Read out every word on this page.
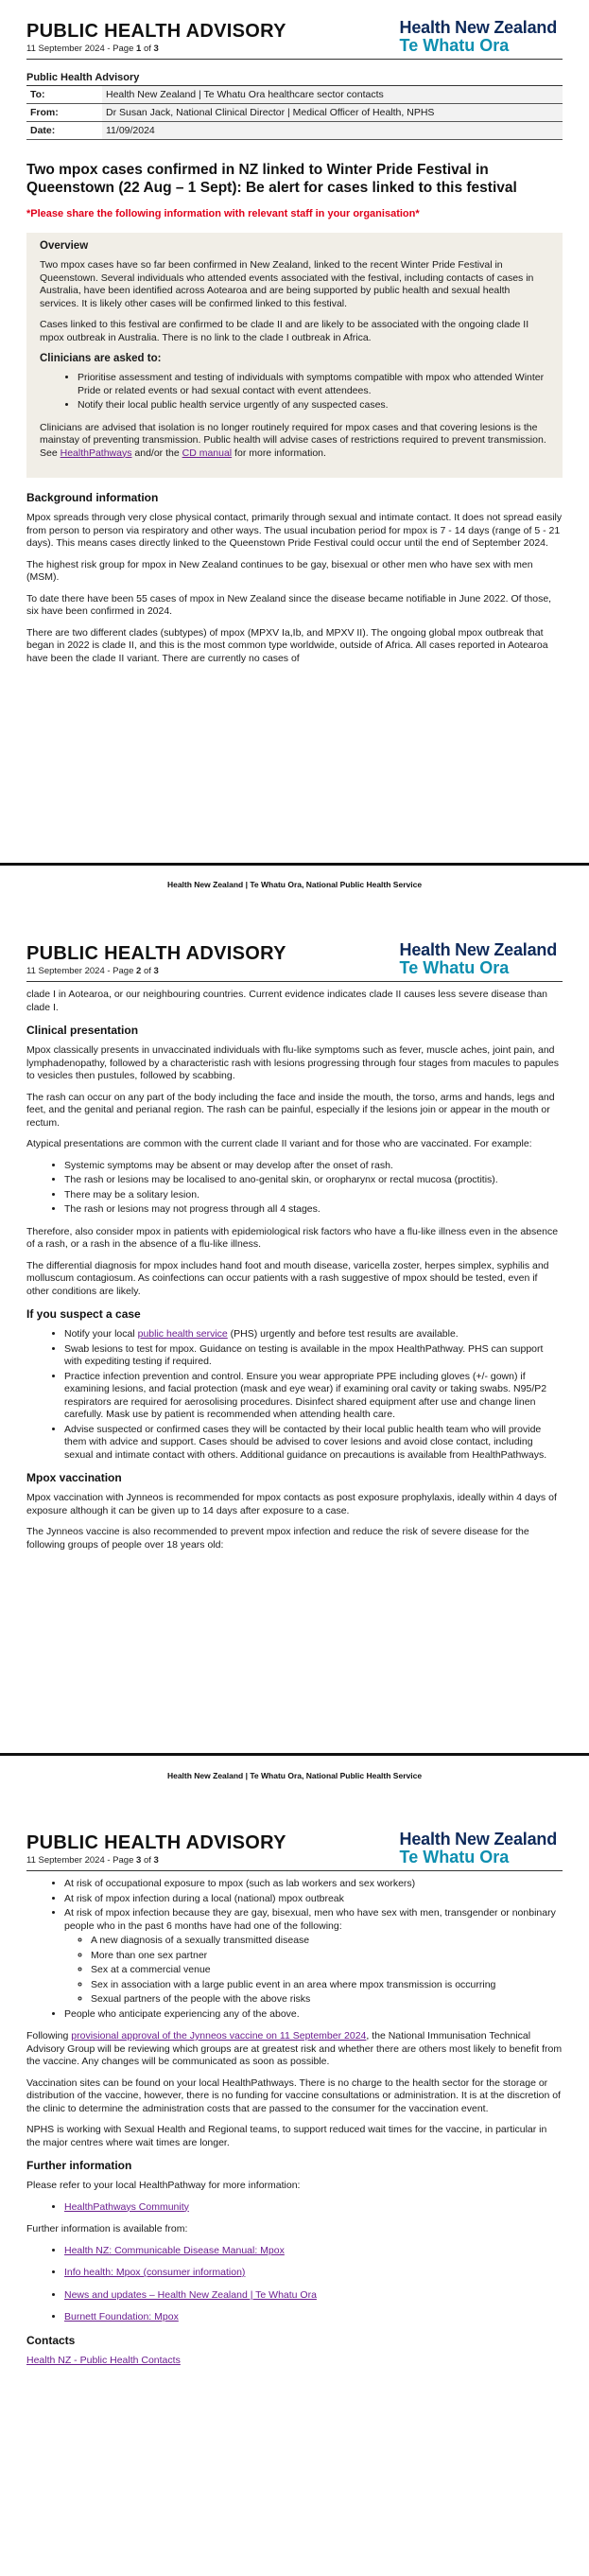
PUBLIC HEALTH ADVISORY
11 September 2024 - Page 1 of 3
Health New Zealand
Te Whatu Ora
Public Health Advisory
To:	Health New Zealand | Te Whatu Ora healthcare sector contacts
From:	Dr Susan Jack, National Clinical Director | Medical Officer of Health, NPHS
Date:	11/09/2024
Two mpox cases confirmed in NZ linked to Winter Pride Festival in Queenstown (22 Aug – 1 Sept): Be alert for cases linked to this festival
*Please share the following information with relevant staff in your organisation*
Overview

Two mpox cases have so far been confirmed in New Zealand, linked to the recent Winter Pride Festival in Queenstown. Several individuals who attended events associated with the festival, including contacts of cases in Australia, have been identified across Aotearoa and are being supported by public health and sexual health services. It is likely other cases will be confirmed linked to this festival.

Cases linked to this festival are confirmed to be clade II and are likely to be associated with the ongoing clade II mpox outbreak in Australia. There is no link to the clade I outbreak in Africa.

Clinicians are asked to:
• Prioritise assessment and testing of individuals with symptoms compatible with mpox who attended Winter Pride or related events or had sexual contact with event attendees.
• Notify their local public health service urgently of any suspected cases.

Clinicians are advised that isolation is no longer routinely required for mpox cases and that covering lesions is the mainstay of preventing transmission. Public health will advise cases of restrictions required to prevent transmission. See HealthPathways and/or the CD manual for more information.

Background information

Mpox spreads through very close physical contact, primarily through sexual and intimate contact. It does not spread easily from person to person via respiratory and other ways. The usual incubation period for mpox is 7 - 14 days (range of 5 - 21 days). This means cases directly linked to the Queenstown Pride Festival could occur until the end of September 2024.

The highest risk group for mpox in New Zealand continues to be gay, bisexual or other men who have sex with men (MSM).

To date there have been 55 cases of mpox in New Zealand since the disease became notifiable in June 2022. Of those, six have been confirmed in 2024.

There are two different clades (subtypes) of mpox (MPXV Ia,Ib, and MPXV II). The ongoing global mpox outbreak that began in 2022 is clade II, and this is the most common type worldwide, outside of Africa. All cases reported in Aotearoa have been the clade II variant. There are currently no cases of

Health New Zealand | Te Whatu Ora, National Public Health Service
PUBLIC HEALTH ADVISORY
11 September 2024 - Page 2 of 3
Health New Zealand
Te Whatu Ora

clade I in Aotearoa, or our neighbouring countries. Current evidence indicates clade II causes less severe disease than clade I.

Clinical presentation

Mpox classically presents in unvaccinated individuals with flu-like symptoms such as fever, muscle aches, joint pain, and lymphadenopathy, followed by a characteristic rash with lesions progressing through four stages from macules to papules to vesicles then pustules, followed by scabbing.

The rash can occur on any part of the body including the face and inside the mouth, the torso, arms and hands, legs and feet, and the genital and perianal region. The rash can be painful, especially if the lesions join or appear in the mouth or rectum.

Atypical presentations are common with the current clade II variant and for those who are vaccinated. For example:

• Systemic symptoms may be absent or may develop after the onset of rash.
• The rash or lesions may be localised to ano-genital skin, or oropharynx or rectal mucosa (proctitis).
• There may be a solitary lesion.
• The rash or lesions may not progress through all 4 stages.

Therefore, also consider mpox in patients with epidemiological risk factors who have a flu-like illness even in the absence of a rash, or a rash in the absence of a flu-like illness.

The differential diagnosis for mpox includes hand foot and mouth disease, varicella zoster, herpes simplex, syphilis and molluscum contagiosum. As coinfections can occur patients with a rash suggestive of mpox should be tested, even if other conditions are likely.

If you suspect a case
• Notify your local public health service (PHS) urgently and before test results are available.
• Swab lesions to test for mpox. Guidance on testing is available in the mpox HealthPathway. PHS can support with expediting testing if required.
• Practice infection prevention and control. Ensure you wear appropriate PPE including gloves (+/- gown) if examining lesions, and facial protection (mask and eye wear) if examining oral cavity or taking swabs. N95/P2 respirators are required for aerosolising procedures. Disinfect shared equipment after use and change linen carefully. Mask use by patient is recommended when attending health care.
• Advise suspected or confirmed cases they will be contacted by their local public health team who will provide them with advice and support. Cases should be advised to cover lesions and avoid close contact, including sexual and intimate contact with others. Additional guidance on precautions is available from HealthPathways.
Mpox vaccination

Mpox vaccination with Jynneos is recommended for mpox contacts as post exposure prophylaxis, ideally within 4 days of exposure although it can be given up to 14 days after exposure to a case.

The Jynneos vaccine is also recommended to prevent mpox infection and reduce the risk of severe disease for the following groups of people over 18 years old:

Health New Zealand | Te Whatu Ora, National Public Health Service
PUBLIC HEALTH ADVISORY
11 September 2024 - Page 3 of 3
Health New Zealand
Te Whatu Ora
• At risk of occupational exposure to mpox (such as lab workers and sex workers)
• At risk of mpox infection during a local (national) mpox outbreak
• At risk of mpox infection because they are gay, bisexual, men who have sex with men, transgender or nonbinary people who in the past 6 months have had one of the following:
◦ A new diagnosis of a sexually transmitted disease
◦ More than one sex partner
◦ Sex at a commercial venue
◦ Sex in association with a large public event in an area where mpox transmission is occurring
◦ Sexual partners of the people with the above risks
• People who anticipate experiencing any of the above.

Following provisional approval of the Jynneos vaccine on 11 September 2024, the National Immunisation Technical Advisory Group will be reviewing which groups are at greatest risk and whether there are others most likely to benefit from the vaccine. Any changes will be communicated as soon as possible.

Vaccination sites can be found on your local HealthPathways. There is no charge to the health sector for the storage or distribution of the vaccine, however, there is no funding for vaccine consultations or administration. It is at the discretion of the clinic to determine the administration costs that are passed to the consumer for the vaccination event.

NPHS is working with Sexual Health and Regional teams, to support reduced wait times for the vaccine, in particular in the major centres where wait times are longer.

Further information

Please refer to your local HealthPathway for more information:

• HealthPathways Community

Further information is available from:

• Health NZ: Communicable Disease Manual: Mpox
• Info health: Mpox (consumer information)
• News and updates – Health New Zealand | Te Whatu Ora
• Burnett Foundation: Mpox
Contacts

Health NZ - Public Health Contacts
